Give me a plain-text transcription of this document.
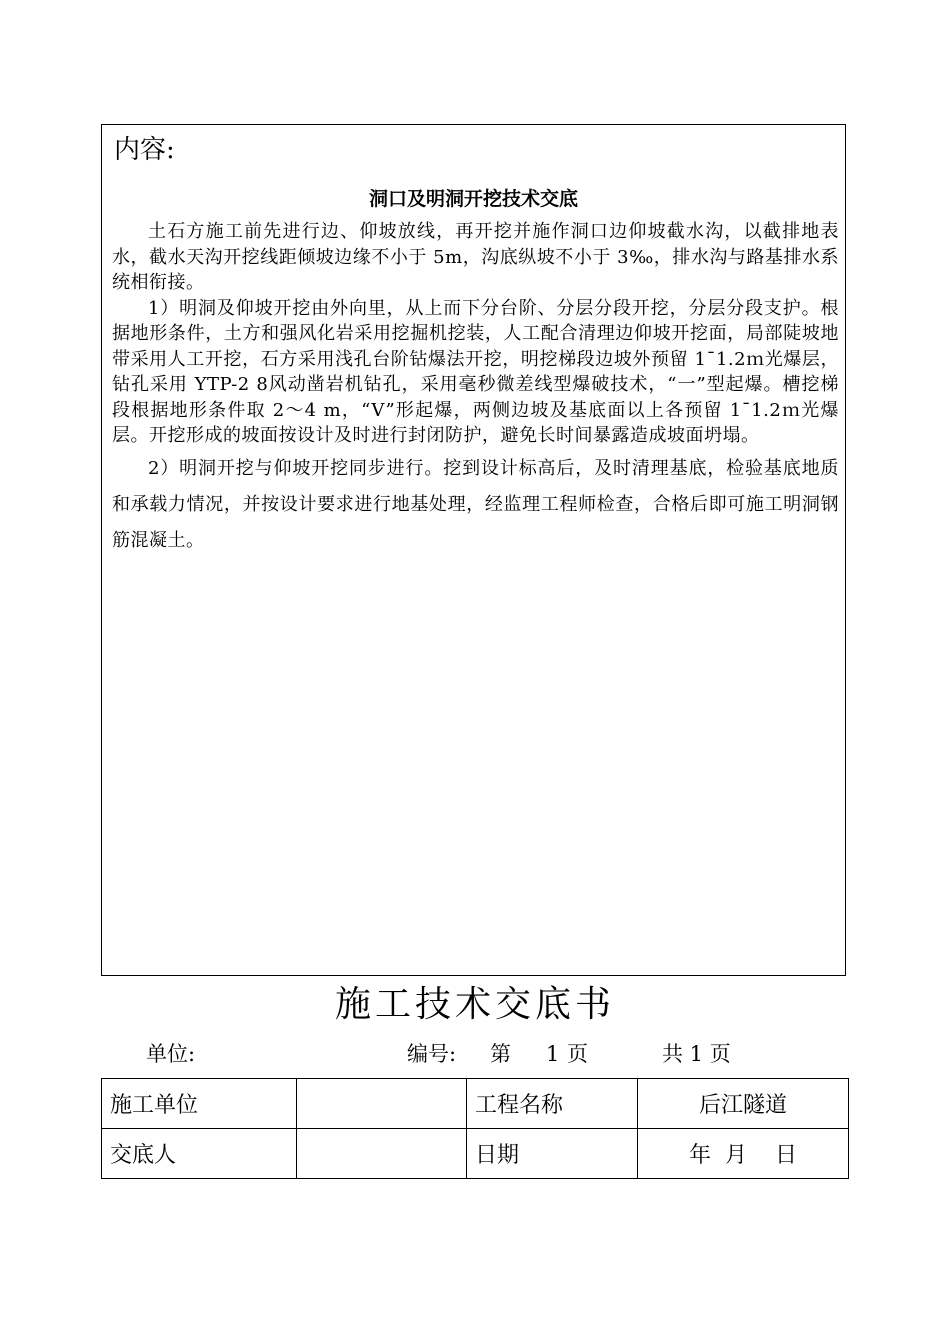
内容:
洞口及明洞开挖技术交底

土石方施工前先进行边、仰坡放线，再开挖并施作洞口边仰坡截水沟，以截排地表水，截水天沟开挖线距倾坡边缘不小于 5m，沟底纵坡不小于 3‰，排水沟与路基排水系统相衔接。

1）明洞及仰坡开挖由外向里，从上而下分台阶、分层分段开挖，分层分段支护。根据地形条件，土方和强风化岩采用挖掘机挖装，人工配合清理边仰坡开挖面，局部陡坡地带采用人工开挖，石方采用浅孔台阶钻爆法开挖，明挖梯段边坡外预留 1ˉ1.2ｍ光爆层，钻孔采用 YTP-2 8风动凿岩机钻孔，采用毫秒微差线型爆破技术，“一”型起爆。槽挖梯段根据地形条件取 2～4 m，“V”形起爆，两侧边坡及基底面以上各预留 1ˉ1.2ｍ光爆层。开挖形成的坡面按设计及时进行封闭防护，避免长时间暴露造成坡面坍塌。

2）明洞开挖与仰坡开挖同步进行。挖到设计标高后，及时清理基底，检验基底地质和承载力情况，并按设计要求进行地基处理，经监理工程师检查，合格后即可施工明洞钢筋混凝土。

施工技术交底书
单位:	编号: 第 1 页	共 1 页
施工单位		工程名称	后江隧道
交底人		日期	年  月    日
